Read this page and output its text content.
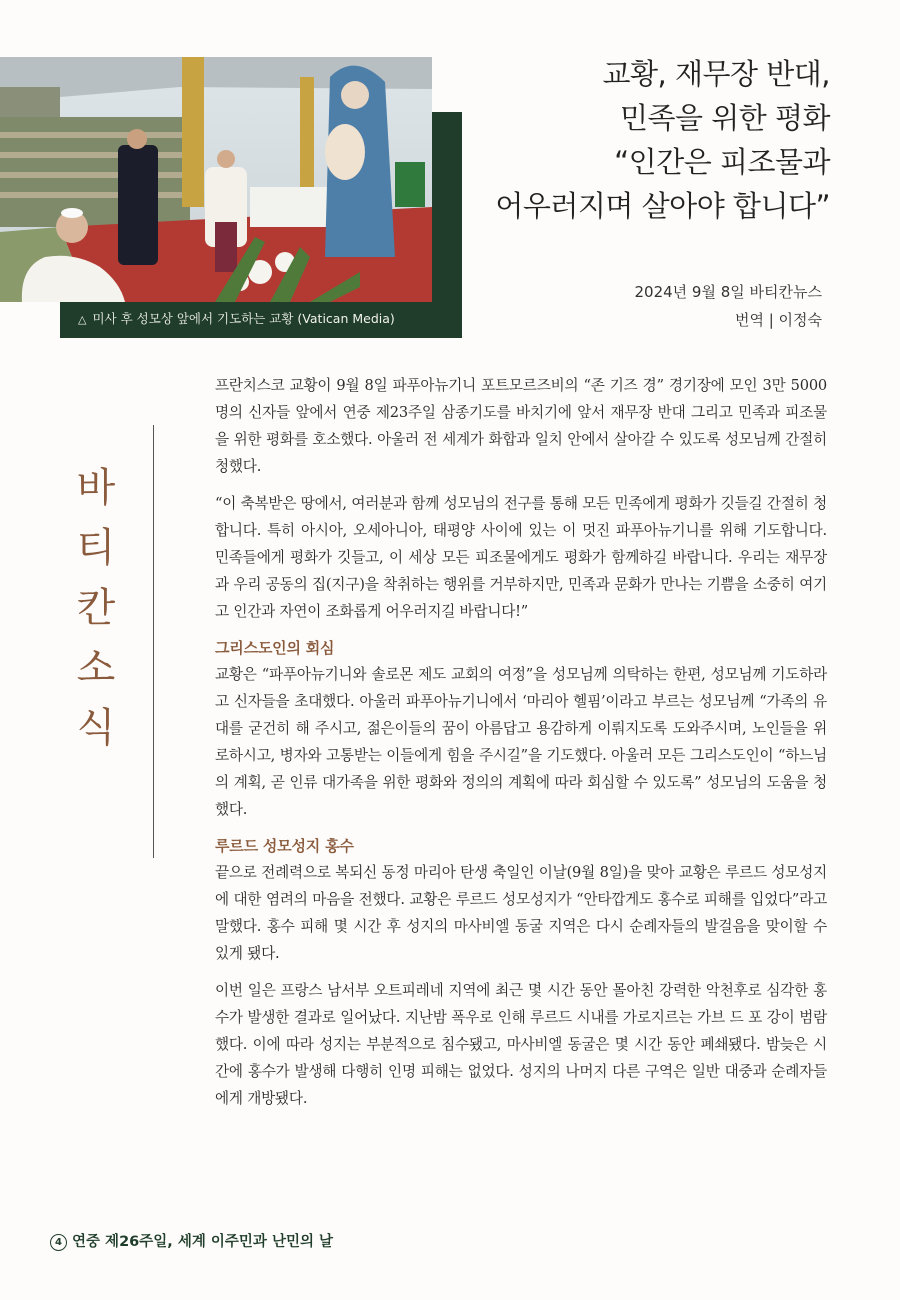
△ 미사 후 성모상 앞에서 기도하는 교황 (Vatican Media)
교황, 재무장 반대,
민족을 위한 평화
“인간은 피조물과
어우러지며 살아야 합니다”
2024년 9월 8일 바티칸뉴스
번역 | 이정숙
바
티
칸
소
식

프란치스코 교황이 9월 8일 파푸아뉴기니 포트모르즈비의 “존 기즈 경” 경기장에 모인 3만 5000명의 신자들 앞에서 연중 제23주일 삼종기도를 바치기에 앞서 재무장 반대 그리고 민족과 피조물을 위한 평화를 호소했다. 아울러 전 세계가 화합과 일치 안에서 살아갈 수 있도록 성모님께 간절히 청했다.

“이 축복받은 땅에서, 여러분과 함께 성모님의 전구를 통해 모든 민족에게 평화가 깃들길 간절히 청합니다. 특히 아시아, 오세아니아, 태평양 사이에 있는 이 멋진 파푸아뉴기니를 위해 기도합니다. 민족들에게 평화가 깃들고, 이 세상 모든 피조물에게도 평화가 함께하길 바랍니다. 우리는 재무장과 우리 공동의 집(지구)을 착취하는 행위를 거부하지만, 민족과 문화가 만나는 기쁨을 소중히 여기고 인간과 자연이 조화롭게 어우러지길 바랍니다!”

그리스도인의 회심

교황은 “파푸아뉴기니와 솔로몬 제도 교회의 여정”을 성모님께 의탁하는 한편, 성모님께 기도하라고 신자들을 초대했다. 아울러 파푸아뉴기니에서 ‘마리아 헬핌’이라고 부르는 성모님께 “가족의 유대를 굳건히 해 주시고, 젊은이들의 꿈이 아름답고 용감하게 이뤄지도록 도와주시며, 노인들을 위로하시고, 병자와 고통받는 이들에게 힘을 주시길”을 기도했다. 아울러 모든 그리스도인이 “하느님의 계획, 곧 인류 대가족을 위한 평화와 정의의 계획에 따라 회심할 수 있도록” 성모님의 도움을 청했다.

루르드 성모성지 홍수

끝으로 전례력으로 복되신 동정 마리아 탄생 축일인 이날(9월 8일)을 맞아 교황은 루르드 성모성지에 대한 염려의 마음을 전했다. 교황은 루르드 성모성지가 “안타깝게도 홍수로 피해를 입었다”라고 말했다. 홍수 피해 몇 시간 후 성지의 마사비엘 동굴 지역은 다시 순례자들의 발걸음을 맞이할 수 있게 됐다.

이번 일은 프랑스 남서부 오트피레네 지역에 최근 몇 시간 동안 몰아친 강력한 악천후로 심각한 홍수가 발생한 결과로 일어났다. 지난밤 폭우로 인해 루르드 시내를 가로지르는 가브 드 포 강이 범람했다. 이에 따라 성지는 부분적으로 침수됐고, 마사비엘 동굴은 몇 시간 동안 폐쇄됐다. 밤늦은 시간에 홍수가 발생해 다행히 인명 피해는 없었다. 성지의 나머지 다른 구역은 일반 대중과 순례자들에게 개방됐다.

4 연중 제26주일, 세계 이주민과 난민의 날
